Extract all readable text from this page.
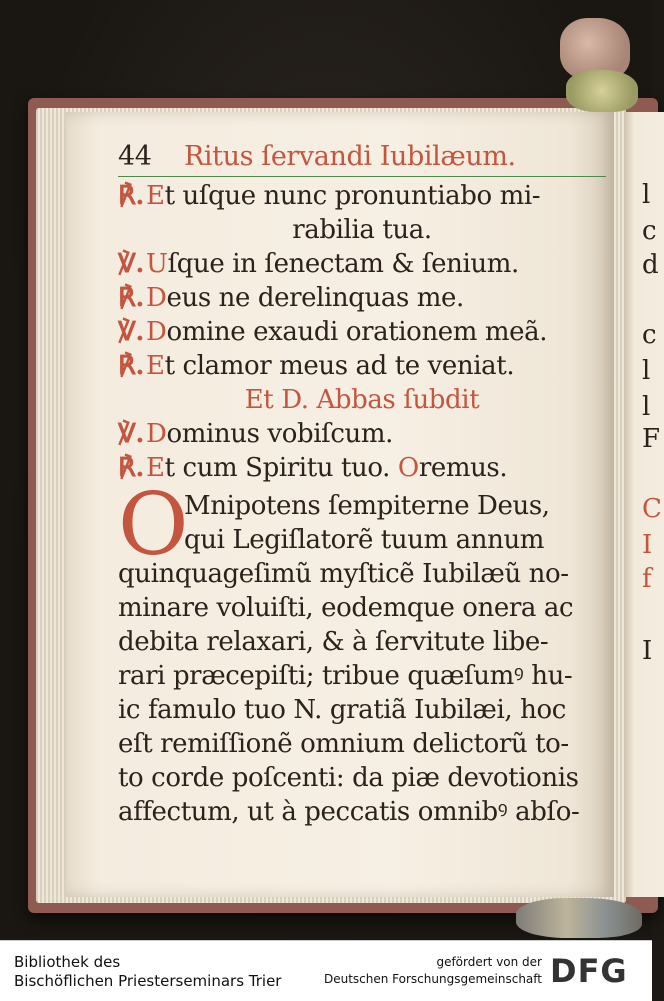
44	Ritus ſervandi Iubilæum.
℟.Et uſque nunc pronuntiabo mi-
rabilia tua.
℣.Uſque in ſenectam & ſenium.
℟.Deus ne derelinquas me.
℣.Domine exaudi orationem meã.
℟.Et clamor meus ad te veniat.
Et D. Abbas ſubdit
℣.Dominus vobiſcum.
℟.Et cum Spiritu tuo. Oremus.
O
Mnipotens ſempiterne Deus,
qui Legiſlatorẽ tuum annum
quinquageſimũ myſticẽ Iubilæũ no-
minare voluiſti, eodemque onera ac
debita relaxari, & à ſervitute libe-
rari præcepiſti; tribue quæſumꝰ hu-
ic famulo tuo N. gratiã Iubilæi, hoc
eſt remiſſionẽ omnium delictorũ to-
to corde poſcenti: da piæ devotionis
affectum, ut à peccatis omnibꝰ abſo-
l
c
d
c
l
l
F
C
I
f
I
Bibliothek des
Bischöflichen Priesterseminars Trier
gefördert von der
Deutschen Forschungsgemeinschaft DFG
